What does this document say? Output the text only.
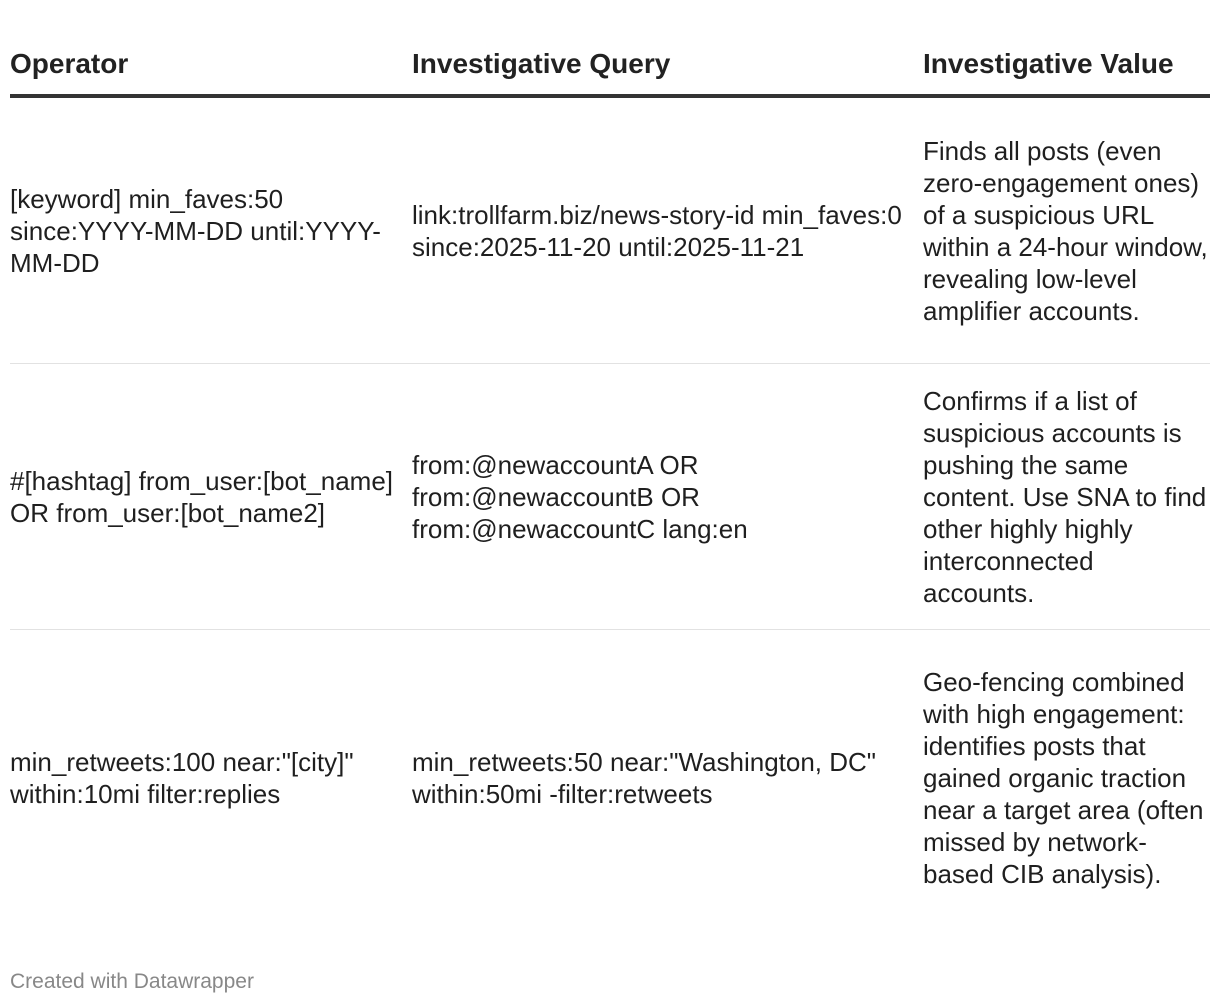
Operator	Investigative Query	Investigative Value
[keyword] min_faves:50 since:YYYY-MM-DD until:YYYY-MM-DD
link:trollfarm.biz/news-story-id min_faves:0 since:2025-11-20 until:2025-11-21
Finds all posts (even zero-engagement ones) of a suspicious URL within a 24-hour window, revealing low-level amplifier accounts.
#[hashtag] from_user:[bot_name] OR from_user:[bot_name2]
from:@newaccountA OR from:@newaccountB OR from:@newaccountC lang:en
Confirms if a list of suspicious accounts is pushing the same content. Use SNA to find other highly highly interconnected accounts.
min_retweets:100 near:"[city]" within:10mi filter:replies
min_retweets:50 near:"Washington, DC" within:50mi -filter:retweets
Geo-fencing combined with high engagement: identifies posts that gained organic traction near a target area (often missed by network-based CIB analysis).
Created with Datawrapper
